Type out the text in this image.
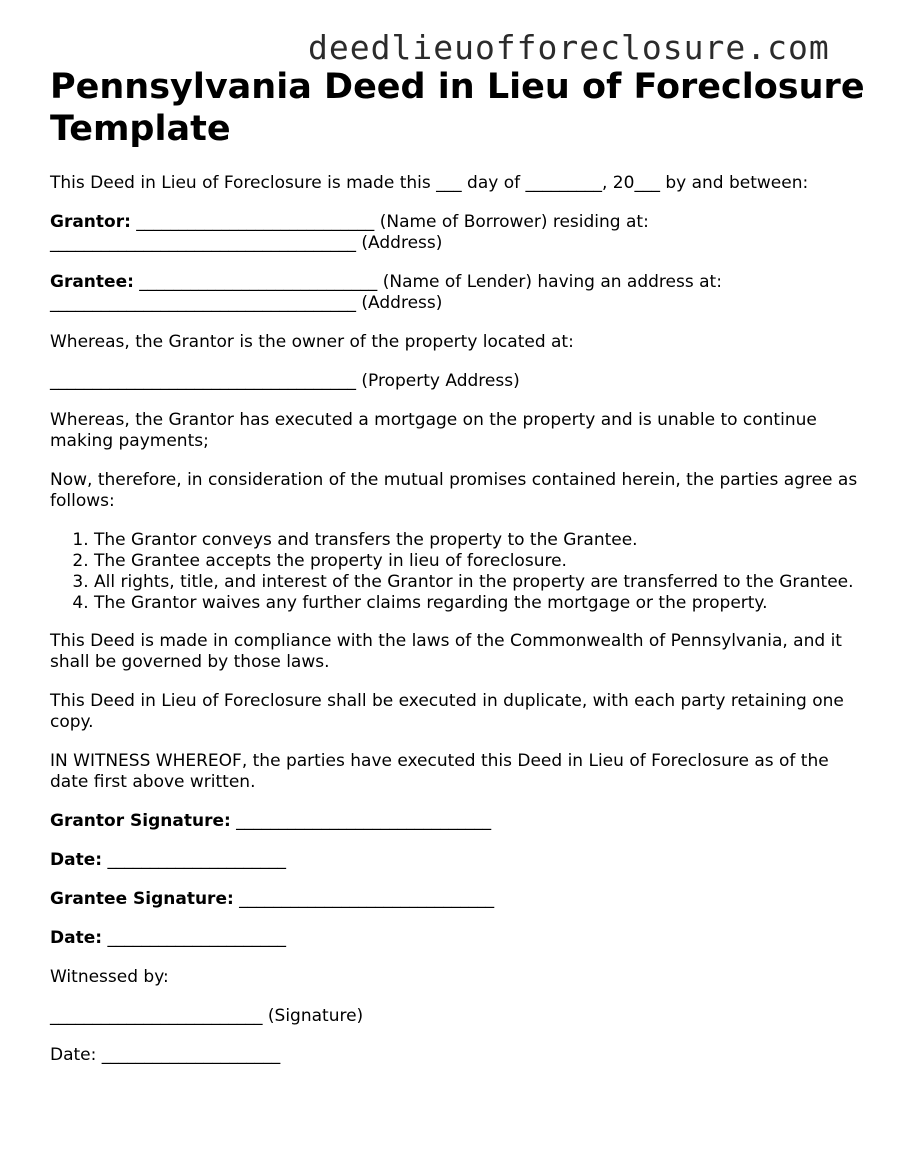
deedlieuofforeclosure.com
Pennsylvania Deed in Lieu of Foreclosure Template

This Deed in Lieu of Foreclosure is made this ___ day of _________, 20___ by and between:

Grantor: ____________________________ (Name of Borrower) residing at:
____________________________________ (Address)

Grantee: ____________________________ (Name of Lender) having an address at:
____________________________________ (Address)

Whereas, the Grantor is the owner of the property located at:

____________________________________ (Property Address)

Whereas, the Grantor has executed a mortgage on the property and is unable to continue making payments;

Now, therefore, in consideration of the mutual promises contained herein, the parties agree as follows:

1. The Grantor conveys and transfers the property to the Grantee.
2. The Grantee accepts the property in lieu of foreclosure.
3. All rights, title, and interest of the Grantor in the property are transferred to the Grantee.
4. The Grantor waives any further claims regarding the mortgage or the property.

This Deed is made in compliance with the laws of the Commonwealth of Pennsylvania, and it shall be governed by those laws.

This Deed in Lieu of Foreclosure shall be executed in duplicate, with each party retaining one copy.

IN WITNESS WHEREOF, the parties have executed this Deed in Lieu of Foreclosure as of the date first above written.

Grantor Signature: ______________________________

Date: _____________________

Grantee Signature: ______________________________

Date: _____________________

Witnessed by:

_________________________ (Signature)

Date: _____________________
